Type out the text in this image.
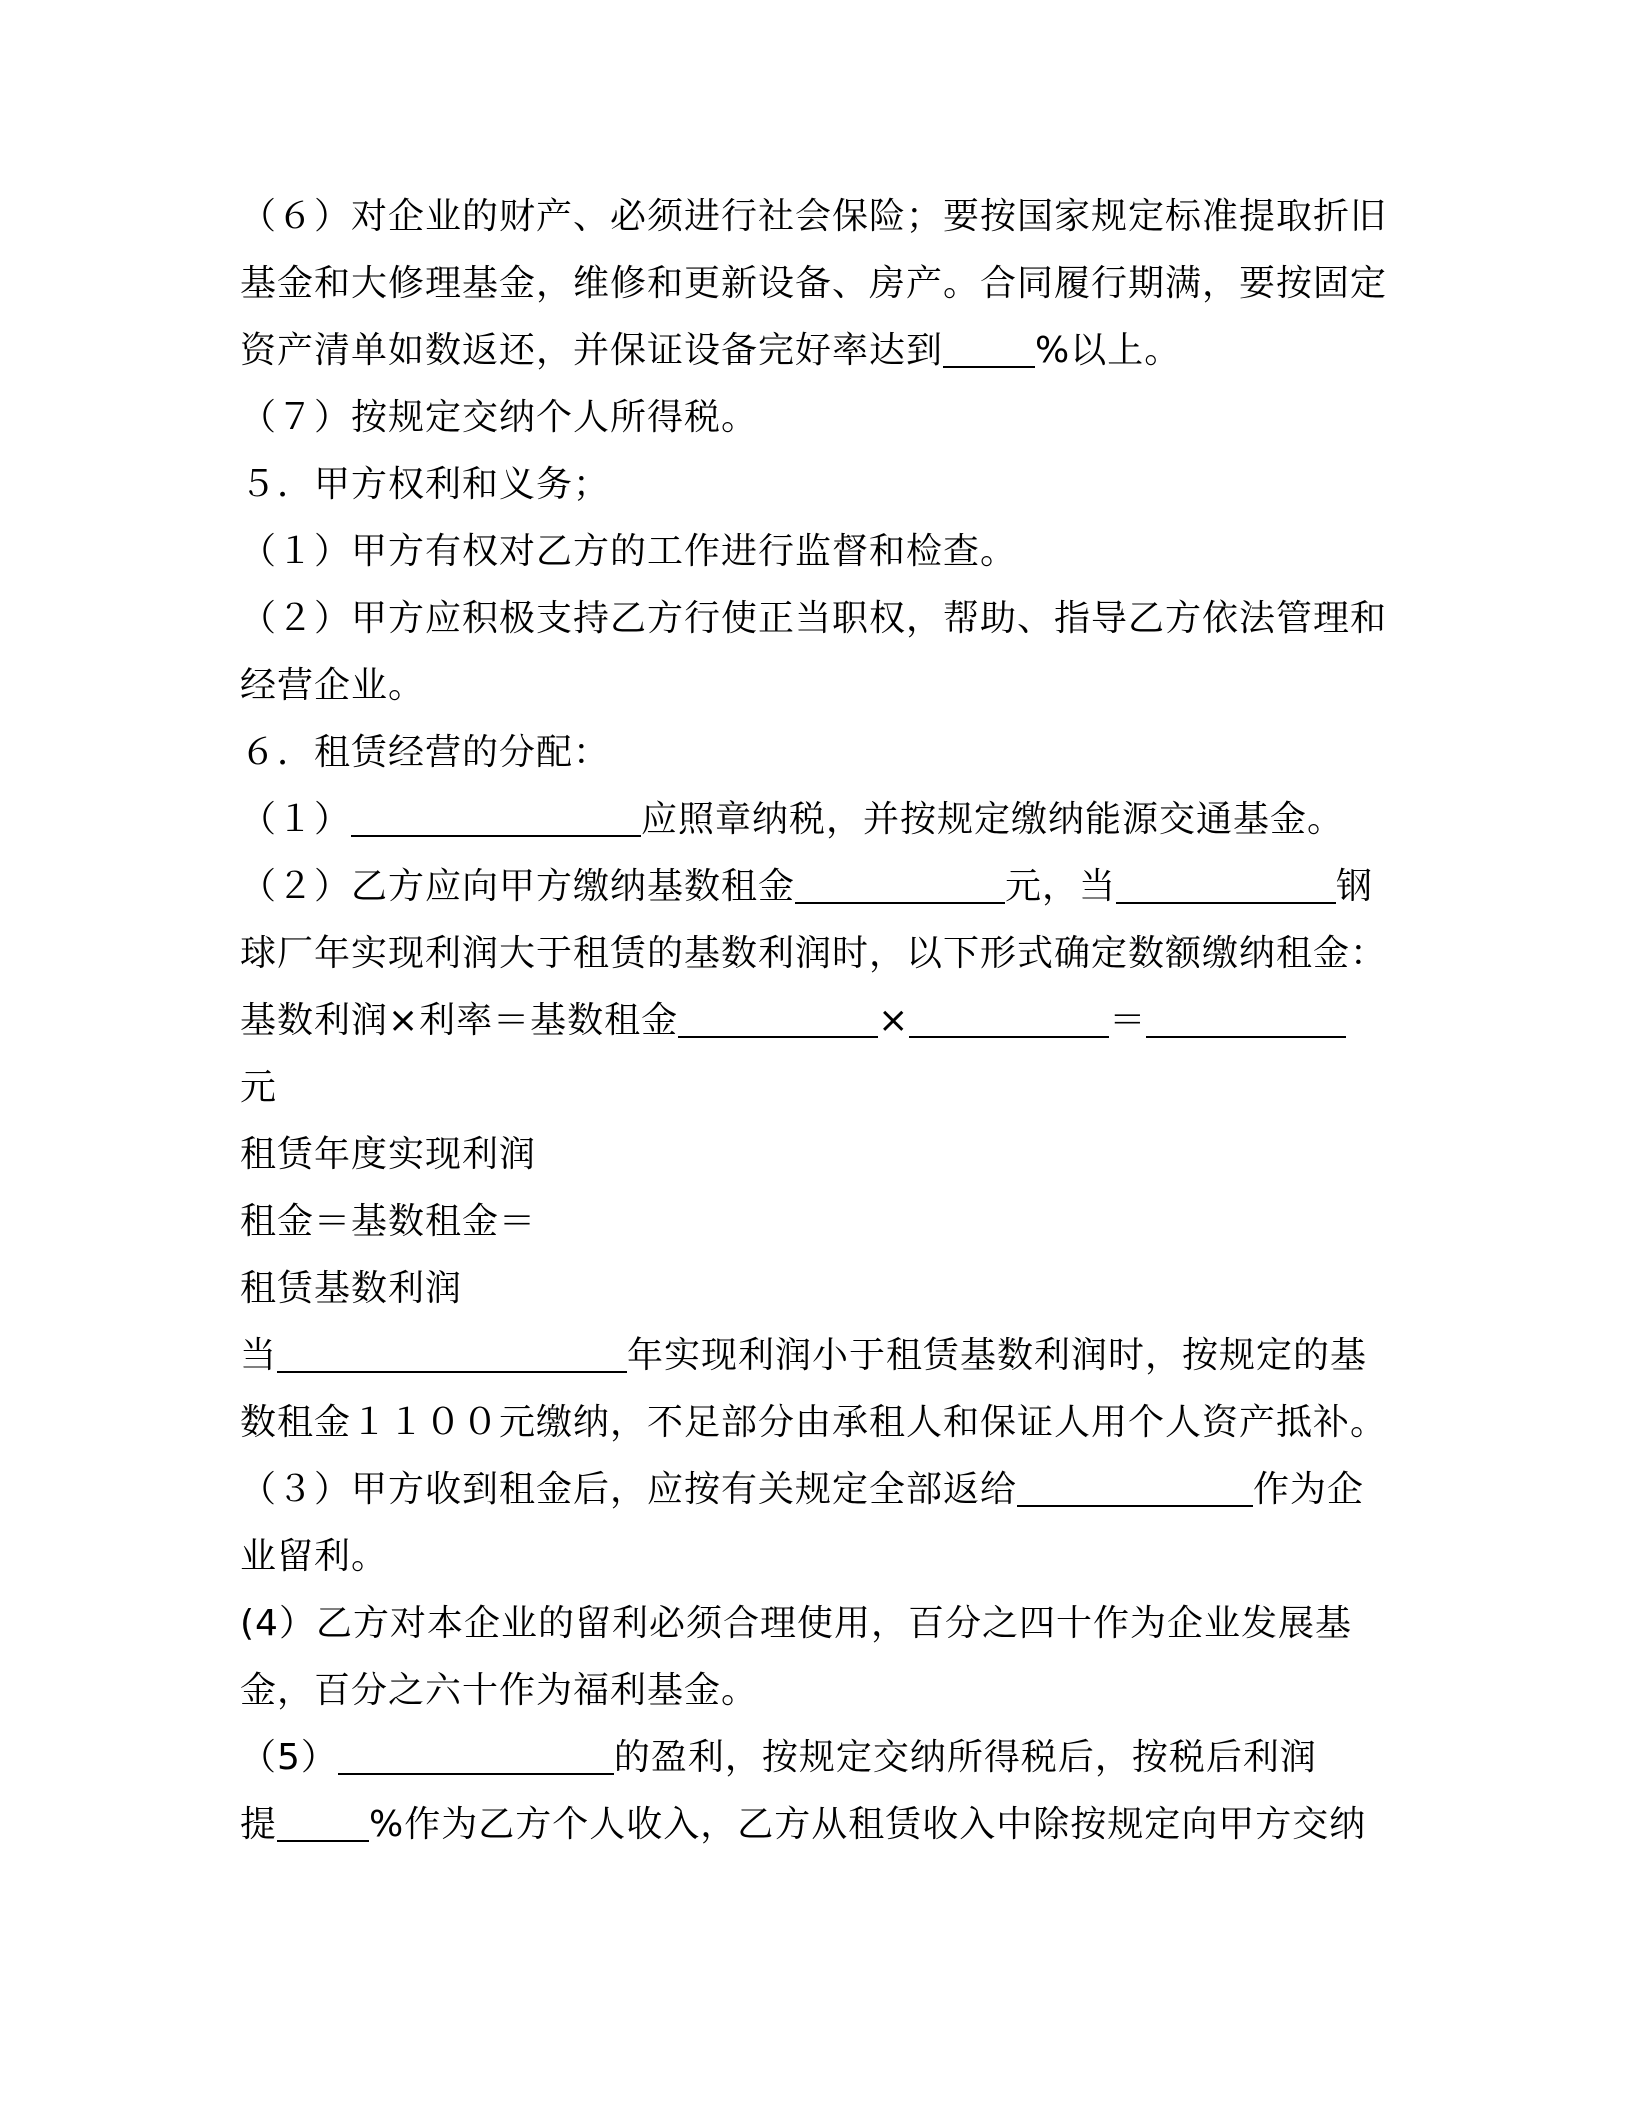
（６）对企业的财产、必须进行社会保险；要按国家规定标准提取折旧
基金和大修理基金，维修和更新设备、房产。合同履行期满，要按固定
资产清单如数返还，并保证设备完好率达到	%以上。
（７）按规定交纳个人所得税。
５．甲方权利和义务；
（１）甲方有权对乙方的工作进行监督和检查。
（２）甲方应积极支持乙方行使正当职权，帮助、指导乙方依法管理和
经营企业。
６．租赁经营的分配：
（１）	应照章纳税，并按规定缴纳能源交通基金。
（２）乙方应向甲方缴纳基数租金	元，当	钢
球厂年实现利润大于租赁的基数利润时，以下形式确定数额缴纳租金：
基数利润×利率＝基数租金	×	＝
元
租赁年度实现利润
租金＝基数租金＝
租赁基数利润
当	年实现利润小于租赁基数利润时，按规定的基
数租金１１００元缴纳，不足部分由承租人和保证人用个人资产抵补。
（３）甲方收到租金后，应按有关规定全部返给	作为企
业留利。
(4）乙方对本企业的留利必须合理使用，百分之四十作为企业发展基
金，百分之六十作为福利基金。
（5）	的盈利，按规定交纳所得税后，按税后利润
提	%作为乙方个人收入，乙方从租赁收入中除按规定向甲方交纳
